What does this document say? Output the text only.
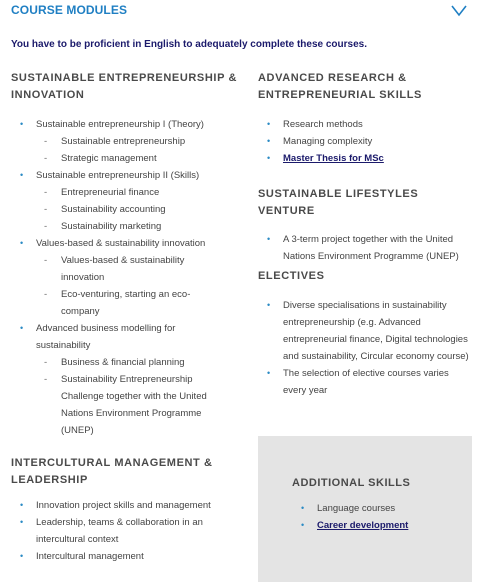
COURSE MODULES
You have to be proficient in English to adequately complete these courses.
SUSTAINABLE ENTREPRENEURSHIP &
INNOVATION
• Sustainable entrepreneurship I (Theory)
- Sustainable entrepreneurship
- Strategic management
• Sustainable entrepreneurship II (Skills)
- Entrepreneurial finance
- Sustainability accounting
- Sustainability marketing
• Values-based & sustainability innovation
- Values-based & sustainability innovation
- Eco-venturing, starting an eco-company
• Advanced business modelling for sustainability
- Business & financial planning
- Sustainability Entrepreneurship Challenge together with the United Nations Environment Programme (UNEP)
INTERCULTURAL MANAGEMENT &
LEADERSHIP
• Innovation project skills and management
• Leadership, teams & collaboration in an intercultural context
• Intercultural management
ADVANCED RESEARCH &
ENTREPRENEURIAL SKILLS
• Research methods
• Managing complexity
• Master Thesis for MSc
SUSTAINABLE LIFESTYLES VENTURE
• A 3-term project together with the United Nations Environment Programme (UNEP)
ELECTIVES
• Diverse specialisations in sustainability entrepreneurship (e.g. Advanced entrepreneurial finance, Digital technologies and sustainability, Circular economy course)
• The selection of elective courses varies every year
ADDITIONAL SKILLS
• Language courses
• Career development
